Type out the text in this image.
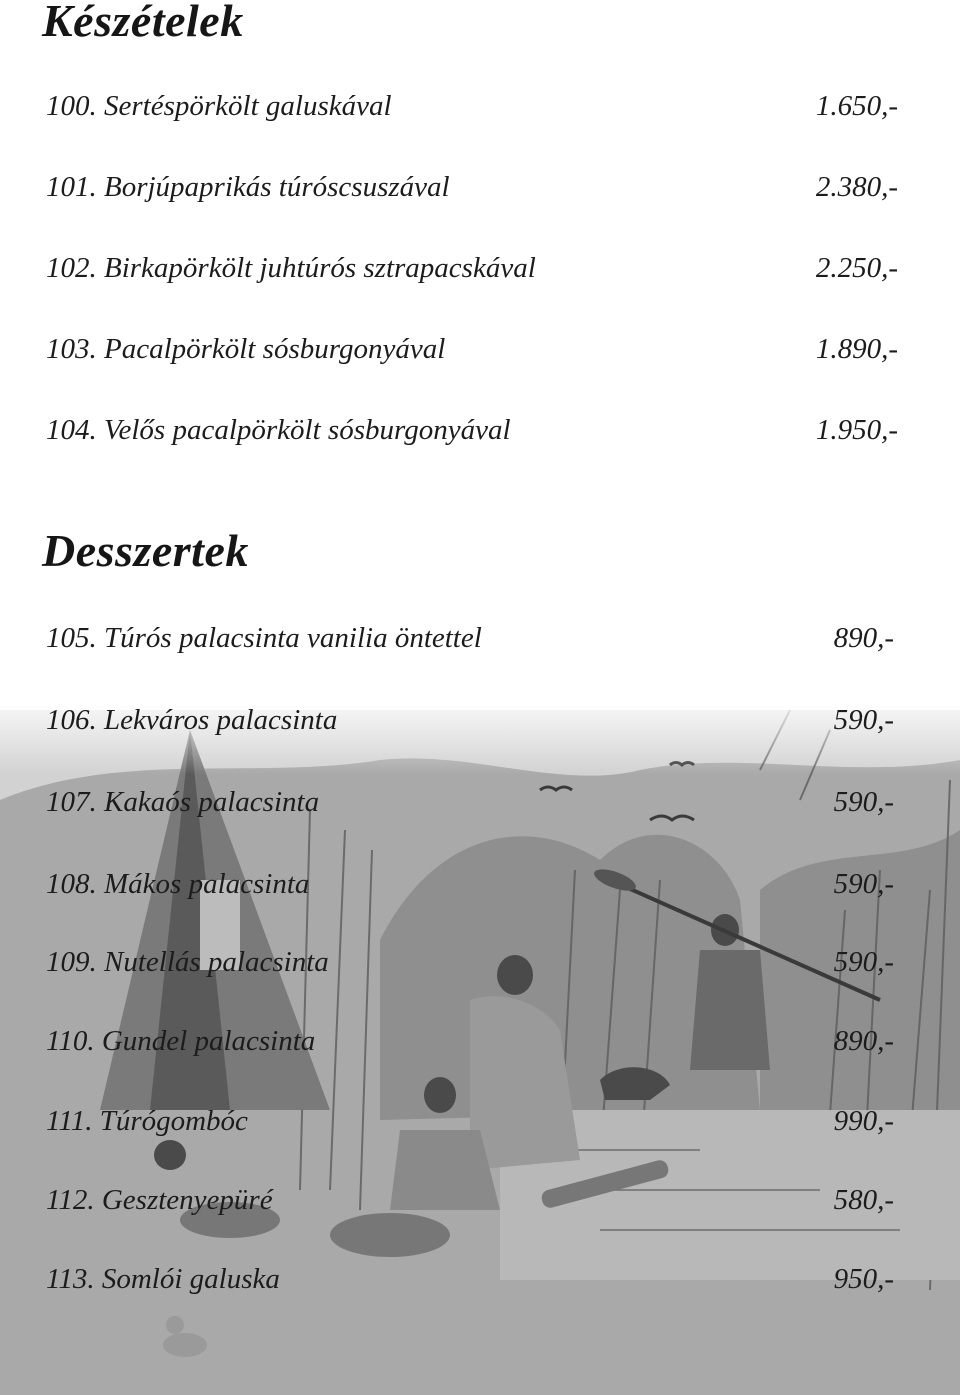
Készételek
100. Sertéspörkölt galuskával	1.650,-
101. Borjúpaprikás túróscsuszával	2.380,-
102. Birkapörkölt juhtúrós sztrapacskával	2.250,-
103. Pacalpörkölt sósburgonyával	1.890,-
104. Velős pacalpörkölt sósburgonyával	1.950,-
Desszertek
105. Túrós palacsinta vanilia öntettel	890,-
106. Lekváros palacsinta	590,-
107. Kakaós palacsinta	590,-
108. Mákos palacsinta	590,-
109. Nutellás palacsinta	590,-
110. Gundel palacsinta	890,-
111. Túrógombóc	990,-
112. Gesztenyepüré	580,-
113. Somlói galuska	950,-
